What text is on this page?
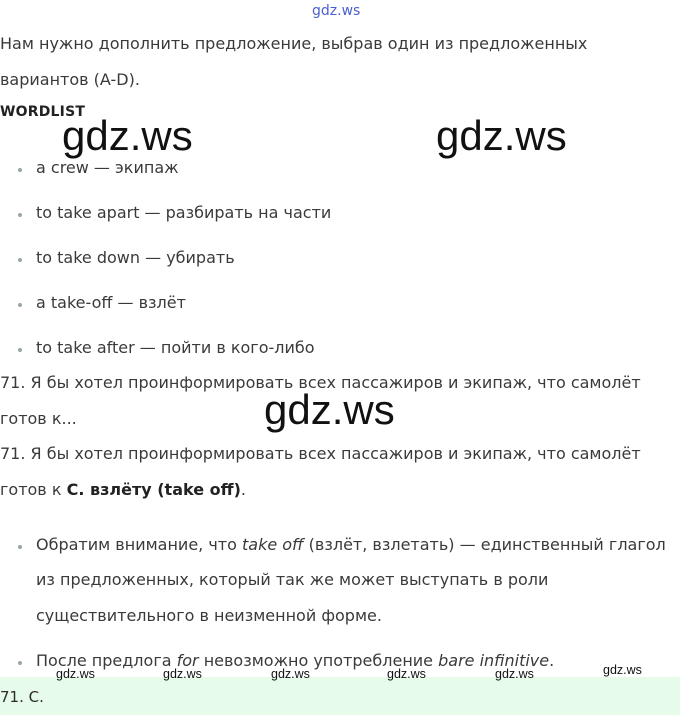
gdz.ws
Нам нужно дополнить предложение, выбрав один из предложенных
вариантов (A-D).
WORDLIST
gdz.ws	gdz.ws
a crew — экипаж
to take apart — разбирать на части
to take down — убирать
a take-off — взлёт
to take after — пойти в кого-либо
71. Я бы хотел проинформировать всех пассажиров и экипаж, что самолёт
готов к...	gdz.ws
71. Я бы хотел проинформировать всех пассажиров и экипаж, что самолёт
готов к C. взлёту (take off).
Обратим внимание, что take off (взлёт, взлетать) — единственный глагол
из предложенных, который так же может выступать в роли
существительного в неизменной форме.
После предлога for невозможно употребление bare infinitive.
71. C.
gdz.ws	gdz.ws	gdz.ws	gdz.ws	gdz.ws	gdz.ws
